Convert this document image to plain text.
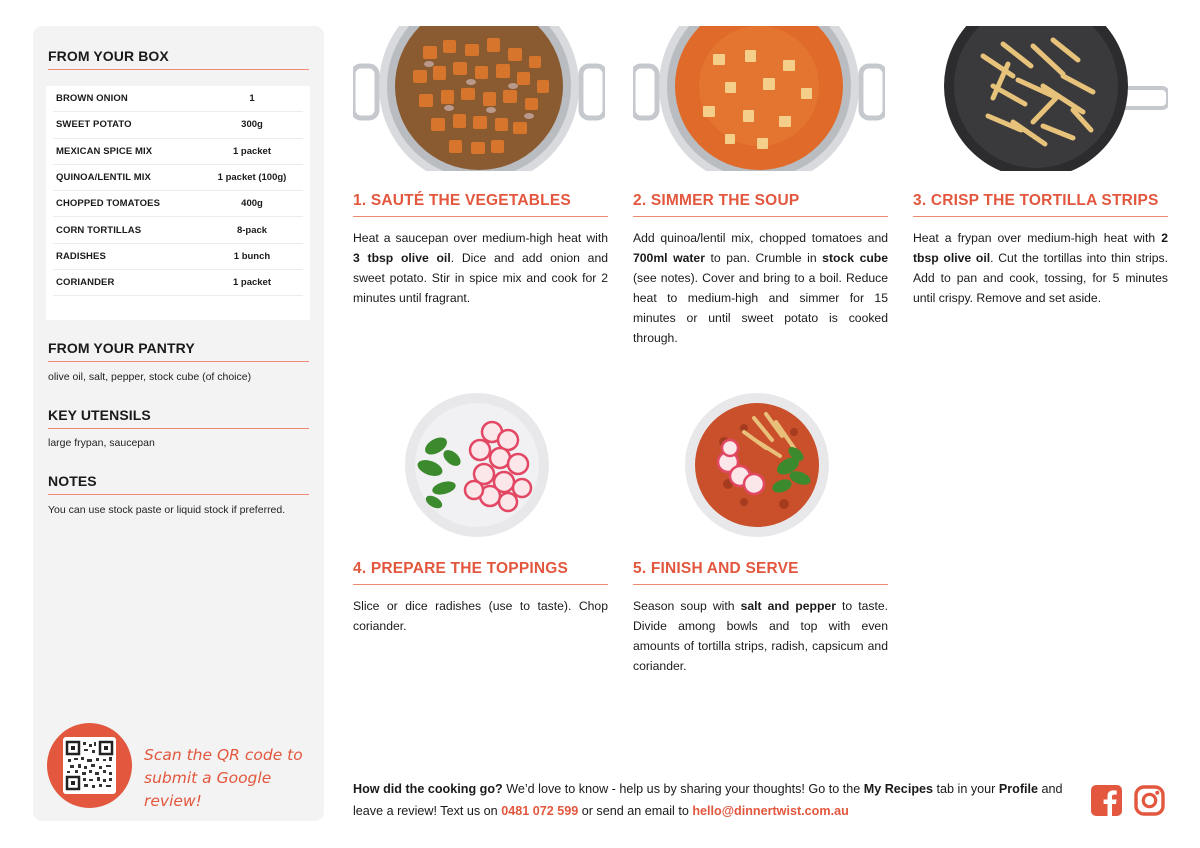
FROM YOUR BOX
BROWN ONION	1
SWEET POTATO	300g
MEXICAN SPICE MIX	1 packet
QUINOA/LENTIL MIX	1 packet (100g)
CHOPPED TOMATOES	400g
CORN TORTILLAS	8-pack
RADISHES	1 bunch
CORIANDER	1 packet
FROM YOUR PANTRY
olive oil, salt, pepper, stock cube (of choice)
KEY UTENSILS
large frypan, saucepan
NOTES
You can use stock paste or liquid stock if preferred.
Scan the QR code to
submit a Google review!
1. SAUTÉ THE VEGETABLES
Heat a saucepan over medium-high heat with 3 tbsp olive oil. Dice and add onion and sweet potato. Stir in spice mix and cook for 2 minutes until fragrant.
2. SIMMER THE SOUP
Add quinoa/lentil mix, chopped tomatoes and 700ml water to pan. Crumble in stock cube (see notes). Cover and bring to a boil. Reduce heat to medium-high and simmer for 15 minutes or until sweet potato is cooked through.
3. CRISP THE TORTILLA STRIPS
Heat a frypan over medium-high heat with 2 tbsp olive oil. Cut the tortillas into thin strips. Add to pan and cook, tossing, for 5 minutes until crispy. Remove and set aside.
4. PREPARE THE TOPPINGS
Slice or dice radishes (use to taste). Chop coriander.
5. FINISH AND SERVE
Season soup with salt and pepper to taste. Divide among bowls and top with even amounts of tortilla strips, radish, capsicum and coriander.
How did the cooking go? We’d love to know - help us by sharing your thoughts! Go to the My Recipes tab in your Profile and leave a review! Text us on 0481 072 599 or send an email to hello@dinnertwist.com.au
